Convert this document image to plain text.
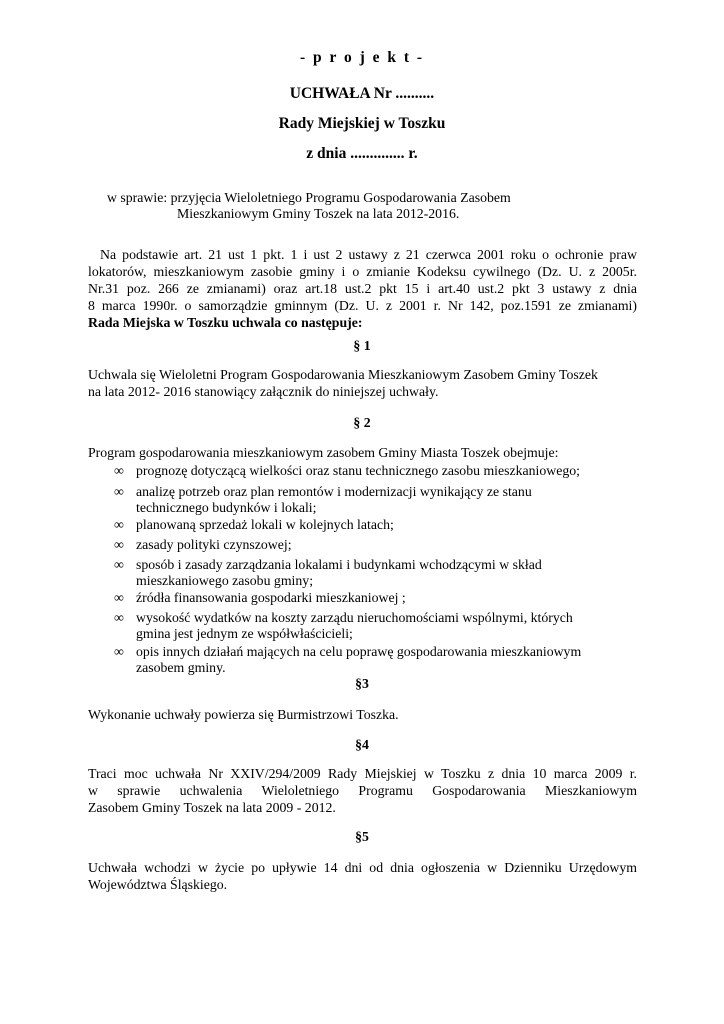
- p r o j e k t -
UCHWAŁA Nr ..........
Rady Miejskiej w Toszku
z dnia .............. r.
w sprawie: przyjęcia Wieloletniego Programu Gospodarowania Zasobem
Mieszkaniowym Gminy Toszek na lata 2012-2016.
Na podstawie art. 21 ust 1 pkt. 1 i ust 2 ustawy z 21 czerwca 2001 roku o ochronie praw
lokatorów, mieszkaniowym zasobie gminy i o zmianie Kodeksu cywilnego (Dz. U. z 2005r.
Nr.31 poz. 266 ze zmianami) oraz art.18 ust.2 pkt 15 i art.40 ust.2 pkt 3 ustawy z dnia
8 marca 1990r. o samorządzie gminnym (Dz. U. z 2001 r. Nr 142, poz.1591 ze zmianami)
Rada Miejska w Toszku uchwala co następuje:
§ 1
Uchwala się Wieloletni Program Gospodarowania Mieszkaniowym Zasobem Gminy Toszek
na lata 2012- 2016 stanowiący załącznik do niniejszej uchwały.
§ 2
Program gospodarowania mieszkaniowym zasobem Gminy Miasta Toszek obejmuje:
∞ prognozę dotyczącą wielkości oraz stanu technicznego zasobu mieszkaniowego;
∞ analizę potrzeb oraz plan remontów i modernizacji wynikający ze stanu
technicznego budynków i lokali;
∞ planowaną sprzedaż lokali w kolejnych latach;
∞ zasady polityki czynszowej;
∞ sposób i zasady zarządzania lokalami i budynkami wchodzącymi w skład
mieszkaniowego zasobu gminy;
∞ źródła finansowania gospodarki mieszkaniowej ;
∞ wysokość wydatków na koszty zarządu nieruchomościami wspólnymi, których
gmina jest jednym ze współwłaścicieli;
∞ opis innych działań mających na celu poprawę gospodarowania mieszkaniowym
zasobem gminy.
§3
Wykonanie uchwały powierza się Burmistrzowi Toszka.
§4
Traci moc uchwała Nr XXIV/294/2009 Rady Miejskiej w Toszku z dnia 10 marca 2009 r.
w sprawie uchwalenia Wieloletniego Programu Gospodarowania Mieszkaniowym
Zasobem Gminy Toszek na lata 2009 - 2012.
§5
Uchwała wchodzi w życie po upływie 14 dni od dnia ogłoszenia w Dzienniku Urzędowym
Województwa Śląskiego.
